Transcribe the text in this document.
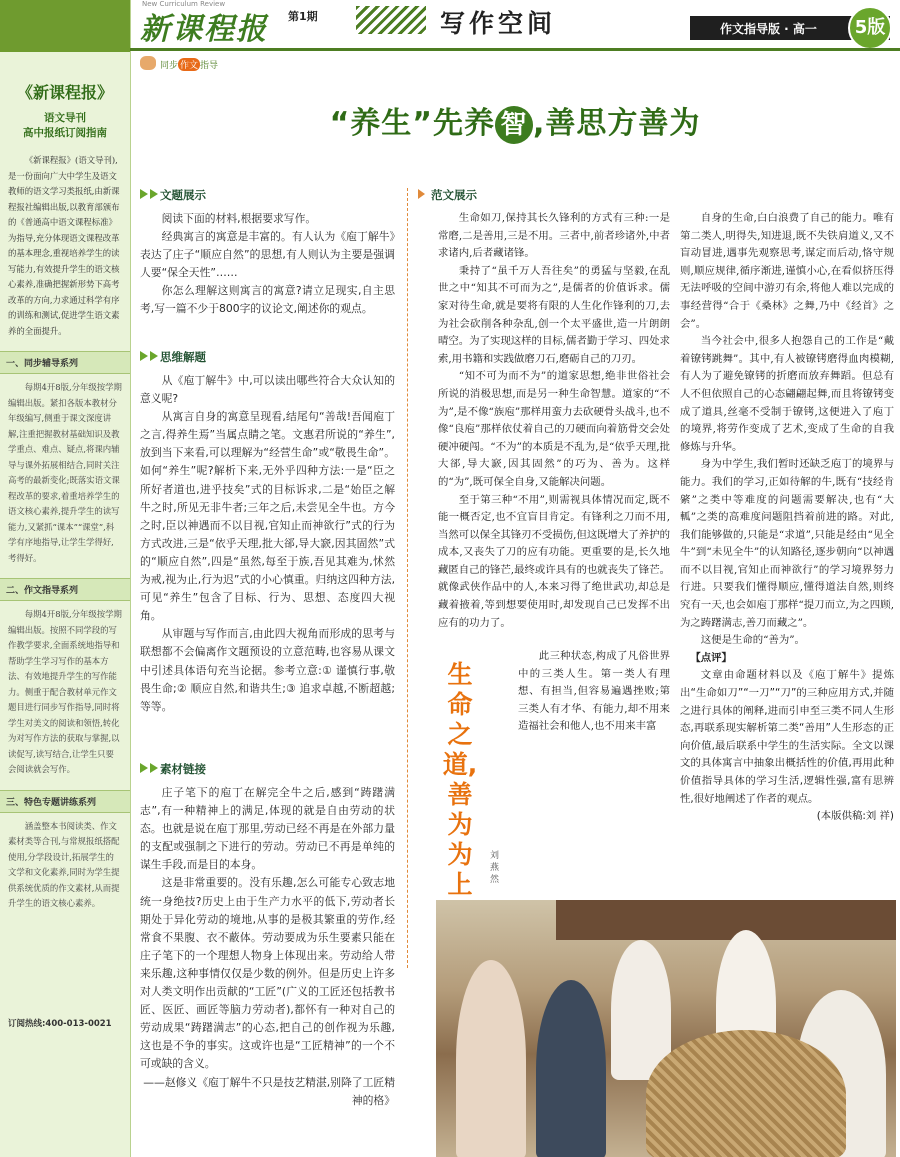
《新课程报》
语文导刊
高中报纸订阅指南
《新课程报》(语文导刊),是一份面向广大中学生及语文教师的语文学习类报纸,由新课程报社编辑出版,以教育部颁布的《普通高中语文课程标准》为指导,充分体现语文课程改革的基本理念,重视培养学生的读写能力,有效提升学生的语文核心素养,准确把握新形势下高考改革的方向,力求通过科学有序的训练和测试,促进学生语文素养的全面提升。
一、同步辅导系列
每期4开8版,分年级按学期编辑出版。紧扣各版本教材分年级编写,侧重于课文深度讲解,注重把握教材基础知识及教学重点、难点、疑点,将课内辅导与课外拓展相结合,同时关注高考的最新变化;既落实语文课程改革的要求,着重培养学生的语文核心素养,提升学生的读写能力,又紧抓“课本”“课堂”,科学有序地指导,让学生学得好,考得好。
二、作文指导系列
每期4开8版,分年级按学期编辑出版。按照不同学段的写作教学要求,全面系统地指导和帮助学生学习写作的基本方法、有效地提升学生的写作能力。侧重于配合教材单元作文题目进行同步写作指导,同时将学生对美文的阅读和领悟,转化为对写作方法的获取与掌握,以读促写,读写结合,让学生只要会阅读就会写作。
三、特色专题讲练系列
涵盖整本书阅读类、作文素材类等合刊,与常规报纸搭配使用,分学段设计,拓展学生的文学和文化素养,同时为学生提供系统优质的作文素材,从而提升学生的语文核心素养。
订阅热线:400-013-0021
New Curriculum Review
新课程报 第1期	写作空间	作文指导版 · 高一	5版
同步 作文 指导
“养生”先养 智 ,善思方善为
文题展示

阅读下面的材料,根据要求写作。

经典寓言的寓意是丰富的。有人认为《庖丁解牛》表达了庄子“顺应自然”的思想,有人则认为主要是强调人要“保全天性”……

你怎么理解这则寓言的寓意?请立足现实,自主思考,写一篇不少于800字的议论文,阐述你的观点。

思维解题

从《庖丁解牛》中,可以读出哪些符合大众认知的意义呢?

从寓言自身的寓意呈现看,结尾句“善哉!吾闻庖丁之言,得养生焉”当属点睛之笔。文惠君所说的“养生”,放到当下来看,可以理解为“经营生命”或“敬畏生命”。如何“养生”呢?解析下来,无外乎四种方法:一是“臣之所好者道也,进乎技矣”式的目标诉求,二是“始臣之解牛之时,所见无非牛者;三年之后,未尝见全牛也。方今之时,臣以神遇而不以目视,官知止而神欲行”式的行为方式改进,三是“依乎天理,批大郤,导大窾,因其固然”式的“顺应自然”,四是“虽然,每至于族,吾见其难为,怵然为戒,视为止,行为迟”式的小心慎重。归纳这四种方法,可见“养生”包含了目标、行为、思想、态度四大视角。

从审题与写作而言,由此四大视角而形成的思考与联想都不会偏离作文题预设的立意范畴,也容易从课文中引述具体语句充当论据。参考立意:① 谨慎行事,敬畏生命;② 顺应自然,和谐共生;③ 追求卓越,不断超越;等等。

素材链接

庄子笔下的庖丁在解完全牛之后,感到“踌躇满志”,有一种精神上的满足,体现的就是自由劳动的状态。也就是说在庖丁那里,劳动已经不再是在外部力量的支配或强制之下进行的劳动。劳动已不再是单纯的谋生手段,而是目的本身。

这是非常重要的。没有乐趣,怎么可能专心致志地统一身绝技?历史上由于生产力水平的低下,劳动者长期处于异化劳动的境地,从事的是极其繁重的劳作,经常食不果腹、衣不蔽体。劳动要成为乐生要素只能在庄子笔下的一个理想人物身上体现出来。劳动给人带来乐趣,这种事情仅仅是少数的例外。但是历史上许多对人类文明作出贡献的“工匠”(广义的工匠还包括教书匠、医匠、画匠等脑力劳动者),都怀有一种对自己的劳动成果“踌躇满志”的心态,把自己的创作视为乐趣,这也是不争的事实。这或许也是“工匠精神”的一个不可或缺的含义。

——赵修义《庖丁解牛不只是技艺精湛,别降了工匠精神的格》

范文展示

生命如刀,保持其长久锋利的方式有三种:一是常磨,二是善用,三是不用。三者中,前者珍诸外,中者求诸内,后者藏诸锋。

秉持了“虽千万人吾往矣”的勇猛与坚毅,在乱世之中“知其不可而为之”,是儒者的价值诉求。儒家对待生命,就是要将有限的人生化作锋利的刀,去为社会砍削各种杂乱,创一个太平盛世,造一片朗朗晴空。为了实现这样的目标,儒者勤于学习、四处求索,用书籍和实践做磨刀石,磨砺自己的刀刃。

“知不可为而不为”的道家思想,绝非世俗社会所说的消极思想,而是另一种生命智慧。道家的“不为”,是不像“族庖”那样用蛮力去砍硬骨头战斗,也不像“良庖”那样依仗着自己的刀硬而向着筋骨交会处硬冲硬闯。“不为”的本质是不乱为,是“依乎天理,批大郤,导大窾,因其固然”的巧为、善为。这样的“为”,既可保全自身,又能解决问题。

至于第三种“不用”,则需视具体情况而定,既不能一概否定,也不宜盲目肯定。有锋利之刀而不用,当然可以保全其锋刃不受损伤,但这既增大了养护的成本,又丧失了刀的应有功能。更重要的是,长久地藏匿自己的锋芒,最终或许具有的也就丧失了锋芒。就像武侠作品中的人,本来习得了绝世武功,却总是藏着掖着,等到想要使用时,却发现自己已发挥不出应有的功力了。

此三种状态,构成了凡俗世界中的三类人生。第一类人有理想、有担当,但容易遍遇挫败;第三类人有才华、有能力,却不用来造福社会和他人,也不用来丰富

生命之道,善为为上
刘燕然

自身的生命,白白浪费了自己的能力。唯有第二类人,明得失,知进退,既不失铁肩道义,又不盲动冒进,遇事先观察思考,谋定而后动,恪守规则,顺应规律,循序渐进,谨慎小心,在看似挤压得无法呼吸的空间中游刃有余,将他人难以完成的事经营得“合于《桑林》之舞,乃中《经首》之会”。

当今社会中,很多人抱怨自己的工作是“戴着镣铐跳舞”。其中,有人被镣铐磨得血肉模糊,有人为了避免镣铐的折磨而放弃舞蹈。但总有人不但依照自己的心态翩翩起舞,而且将镣铐变成了道具,丝毫不受制于镣铐,这便进入了庖丁的境界,将劳作变成了艺术,变成了生命的自我修炼与升华。

身为中学生,我们暂时还缺乏庖丁的境界与能力。我们的学习,正如待解的牛,既有“技经肯綮”之类中等难度的问题需要解决,也有“大軱”之类的高难度问题阻挡着前进的路。对此,我们能够做的,只能是“求道”,只能是经由“见全牛”到“未见全牛”的认知路径,逐步朝向“以神遇而不以目视,官知止而神欲行”的学习境界努力行进。只要我们懂得顺应,懂得道法自然,则终究有一天,也会如庖丁那样“提刀而立,为之四顾,为之踌躇满志,善刀而藏之”。

这便是生命的“善为”。

【点评】

文章由命题材料以及《庖丁解牛》提炼出“生命如刀”“一刀”“刀”的三种应用方式,并随之进行具体的阐释,进而引申至三类不同人生形态,再联系现实解析第二类“善用”人生形态的正向价值,最后联系中学生的生活实际。全文以课文的具体寓言中抽象出概括性的价值,再用此种价值指导具体的学习生活,逻辑性强,富有思辨性,很好地阐述了作者的观点。

(本版供稿:刘 祥)
